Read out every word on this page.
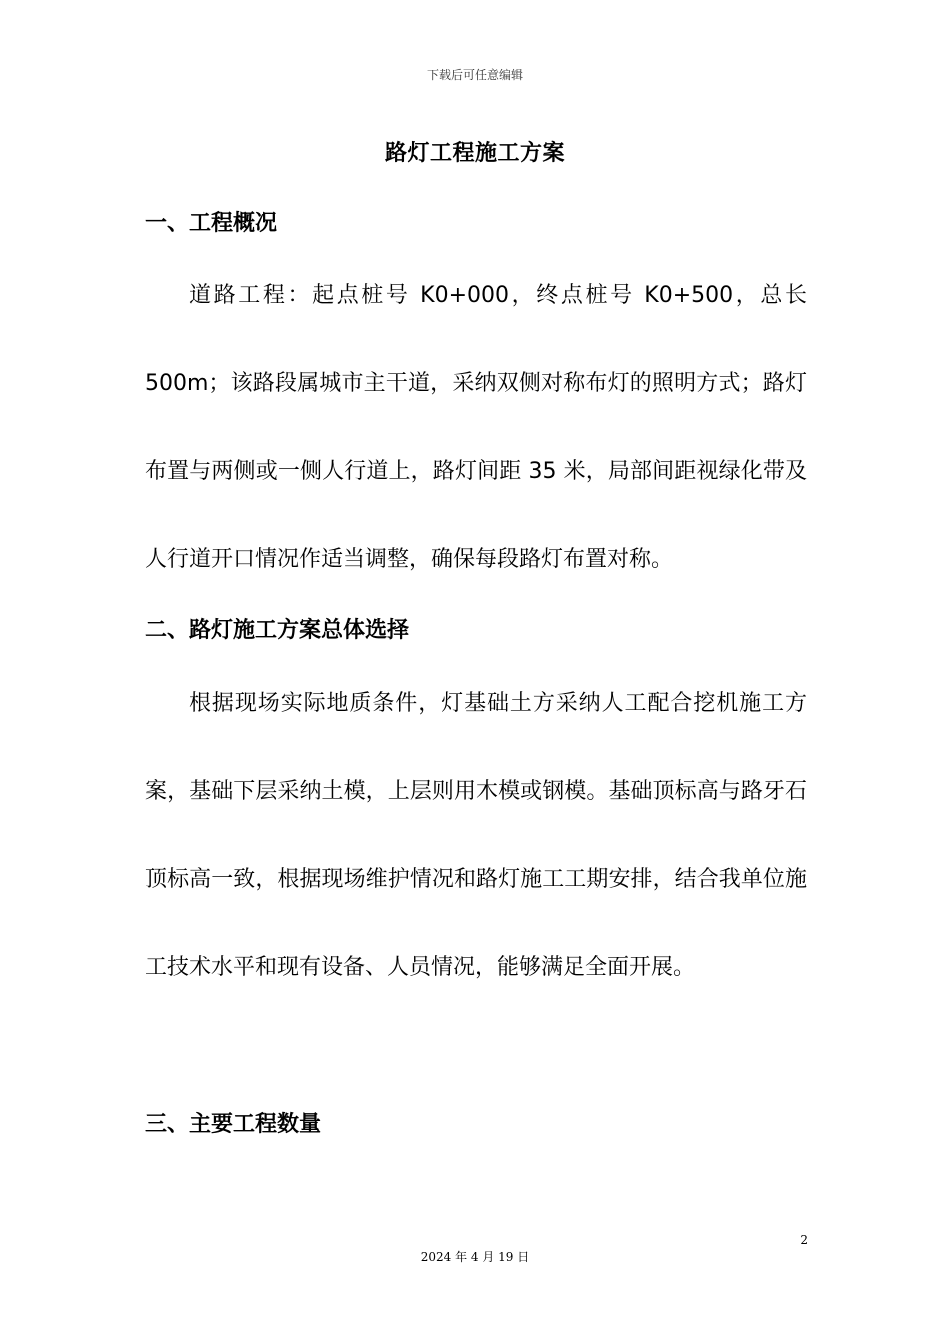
下载后可任意编辑
路灯工程施工方案
一、工程概况

道路工程：起点桩号 K0+000，终点桩号 K0+500，总长500m；该路段属城市主干道，采纳双侧对称布灯的照明方式；路灯布置与两侧或一侧人行道上，路灯间距 35 米，局部间距视绿化带及人行道开口情况作适当调整，确保每段路灯布置对称。

二、路灯施工方案总体选择

根据现场实际地质条件，灯基础土方采纳人工配合挖机施工方案，基础下层采纳土模，上层则用木模或钢模。基础顶标高与路牙石顶标高一致，根据现场维护情况和路灯施工工期安排，结合我单位施工技术水平和现有设备、人员情况，能够满足全面开展。

三、主要工程数量
2
2024 年 4 月 19 日
